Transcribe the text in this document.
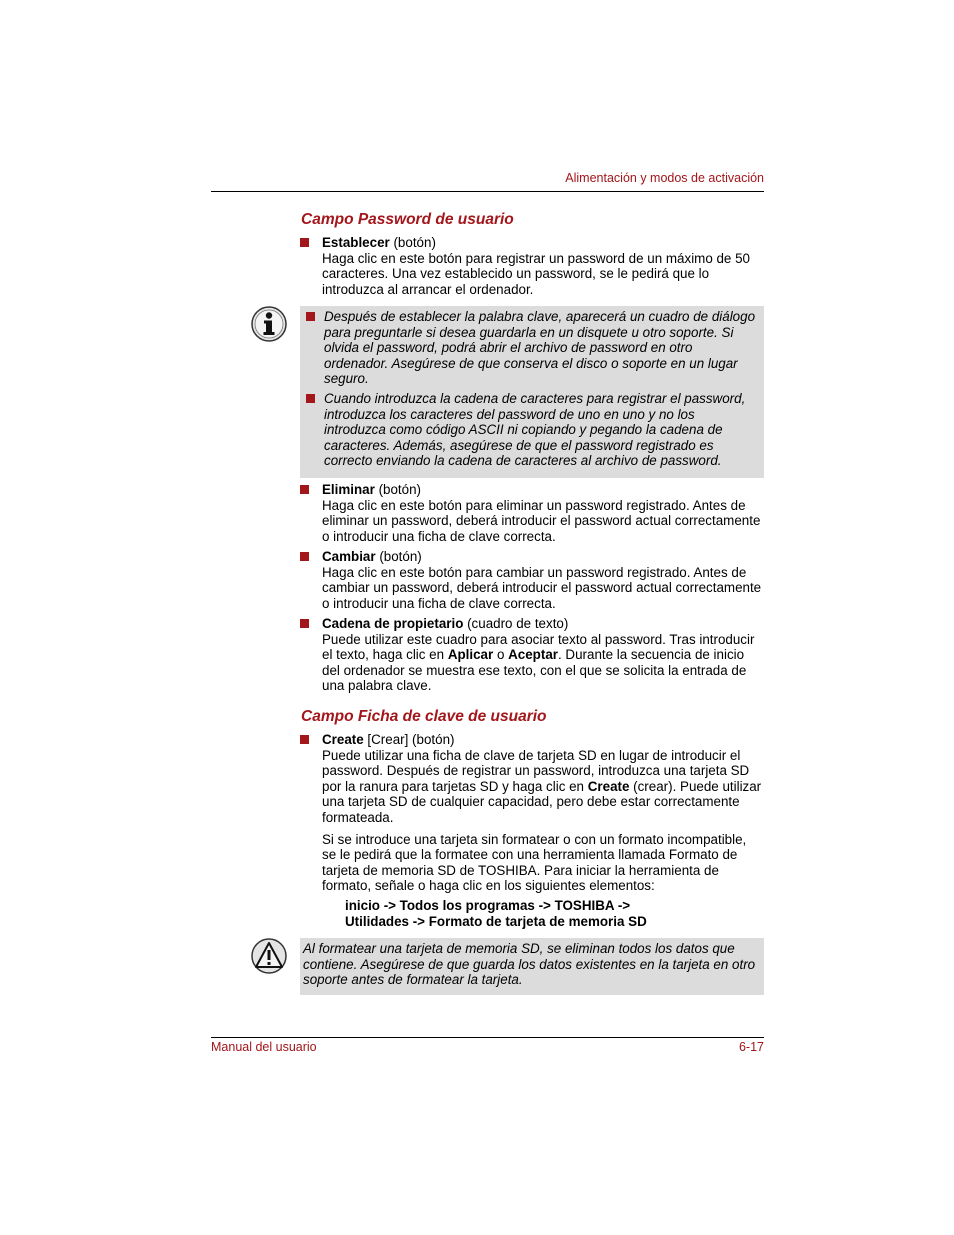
Alimentación y modos de activación
Campo Password de usuario

Establecer (botón)

Haga clic en este botón para registrar un password de un máximo de 50 caracteres. Una vez establecido un password, se le pedirá que lo introduzca al arrancar el ordenador.

Después de establecer la palabra clave, aparecerá un cuadro de diálogo para preguntarle si desea guardarla en un disquete u otro soporte. Si olvida el password, podrá abrir el archivo de password en otro ordenador. Asegúrese de que conserva el disco o soporte en un lugar seguro.
Cuando introduzca la cadena de caracteres para registrar el password, introduzca los caracteres del password de uno en uno y no los introduzca como código ASCII ni copiando y pegando la cadena de caracteres. Además, asegúrese de que el password registrado es correcto enviando la cadena de caracteres al archivo de password.

Eliminar (botón)

Haga clic en este botón para eliminar un password registrado. Antes de eliminar un password, deberá introducir el password actual correctamente o introducir una ficha de clave correcta.

Cambiar (botón)

Haga clic en este botón para cambiar un password registrado. Antes de cambiar un password, deberá introducir el password actual correctamente o introducir una ficha de clave correcta.

Cadena de propietario (cuadro de texto)

Puede utilizar este cuadro para asociar texto al password. Tras introducir el texto, haga clic en Aplicar o Aceptar. Durante la secuencia de inicio del ordenador se muestra ese texto, con el que se solicita la entrada de una palabra clave.

Campo Ficha de clave de usuario

Create [Crear] (botón)

Puede utilizar una ficha de clave de tarjeta SD en lugar de introducir el password. Después de registrar un password, introduzca una tarjeta SD por la ranura para tarjetas SD y haga clic en Create (crear). Puede utilizar una tarjeta SD de cualquier capacidad, pero debe estar correctamente formateada.

Si se introduce una tarjeta sin formatear o con un formato incompatible, se le pedirá que la formatee con una herramienta llamada Formato de tarjeta de memoria SD de TOSHIBA. Para iniciar la herramienta de formato, señale o haga clic en los siguientes elementos:

inicio -> Todos los programas -> TOSHIBA ->
Utilidades -> Formato de tarjeta de memoria SD
Al formatear una tarjeta de memoria SD, se eliminan todos los datos que contiene. Asegúrese de que guarda los datos existentes en la tarjeta en otro soporte antes de formatear la tarjeta.
Manual del usuario	6-17
